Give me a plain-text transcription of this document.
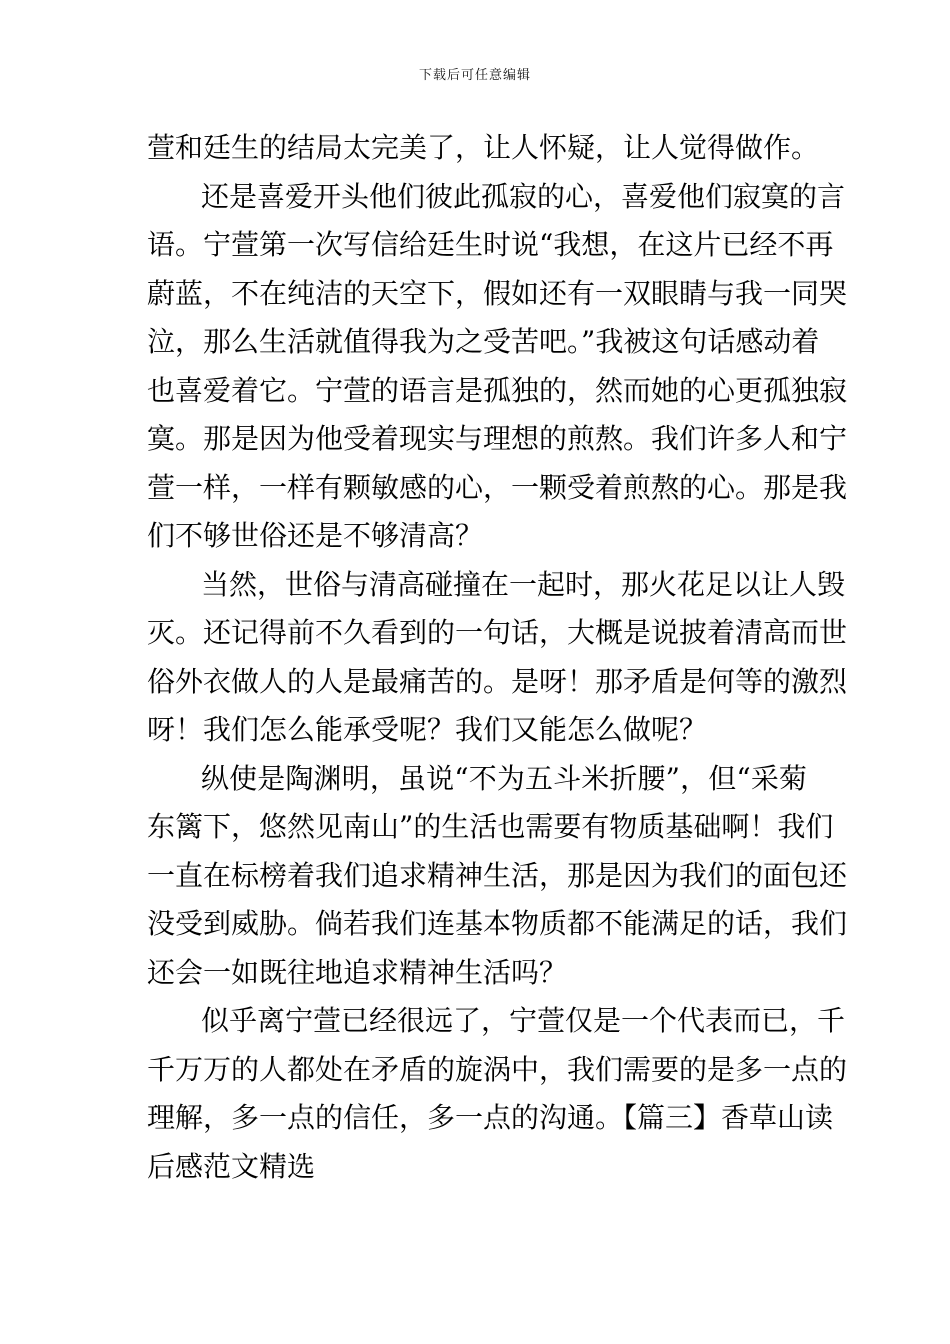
下载后可任意编辑
萱和廷生的结局太完美了，让人怀疑，让人觉得做作。
还是喜爱开头他们彼此孤寂的心，喜爱他们寂寞的言
语。宁萱第一次写信给廷生时说“我想，在这片已经不再
蔚蓝，不在纯洁的天空下，假如还有一双眼睛与我一同哭
泣，那么生活就值得我为之受苦吧。”我被这句话感动着
也喜爱着它。宁萱的语言是孤独的，然而她的心更孤独寂
寞。那是因为他受着现实与理想的煎熬。我们许多人和宁
萱一样，一样有颗敏感的心，一颗受着煎熬的心。那是我
们不够世俗还是不够清高？
当然，世俗与清高碰撞在一起时，那火花足以让人毁
灭。还记得前不久看到的一句话，大概是说披着清高而世
俗外衣做人的人是最痛苦的。是呀！那矛盾是何等的激烈
呀！我们怎么能承受呢？我们又能怎么做呢？
纵使是陶渊明，虽说“不为五斗米折腰”，但“采菊
东篱下，悠然见南山”的生活也需要有物质基础啊！我们
一直在标榜着我们追求精神生活，那是因为我们的面包还
没受到威胁。倘若我们连基本物质都不能满足的话，我们
还会一如既往地追求精神生活吗？
似乎离宁萱已经很远了，宁萱仅是一个代表而已，千
千万万的人都处在矛盾的旋涡中，我们需要的是多一点的
理解，多一点的信任，多一点的沟通。【篇三】香草山读
后感范文精选
